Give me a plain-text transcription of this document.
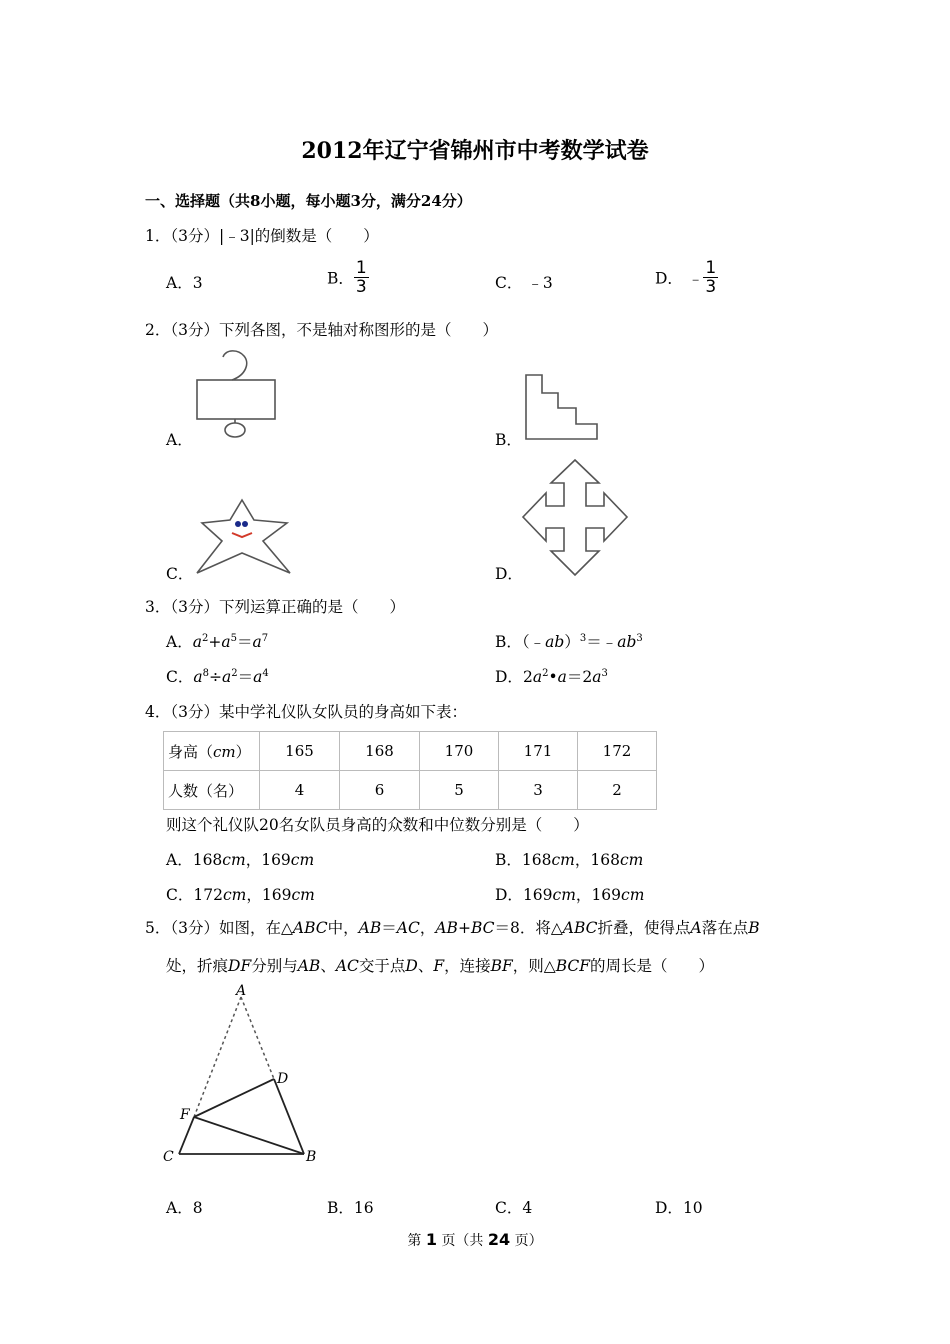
2012年辽宁省锦州市中考数学试卷
一、选择题（共8小题，每小题3分，满分24分）
1．（3分）|﹣3|的倒数是（　　）
A．3	B． $\frac{1}{3}$	C． ﹣3	D． ﹣ $\frac{1}{3}$
2．（3分）下列各图，不是轴对称图形的是（　　）
A．	B．
C．	D．
3．（3分）下列运算正确的是（　　）
A．$a^2+a^5=a^7$	B．$(﹣ab)^3=﹣ab^3$
C．$a^8\div a^2=a^4$	D．$2a^2•a=2a^3$
4．（3分）某中学礼仪队女队员的身高如下表：
身高（cm）	165	168	170	171	172
人数（名）	4	6	5	3	2
则这个礼仪队20名女队员身高的众数和中位数分别是（　　）
A．168cm，169cm	B．168cm，168cm
C．172cm，169cm	D．169cm，169cm
5．（3分）如图，在△ABC中，AB＝AC，AB+BC＝8．将△ABC折叠，使得点A落在点B
处，折痕DF分别与AB、AC交于点D、F，连接BF，则△BCF的周长是（　　）
A
D
F
C	B
A．8	B．16	C．4	D．10
第 1 页（共 24 页）
